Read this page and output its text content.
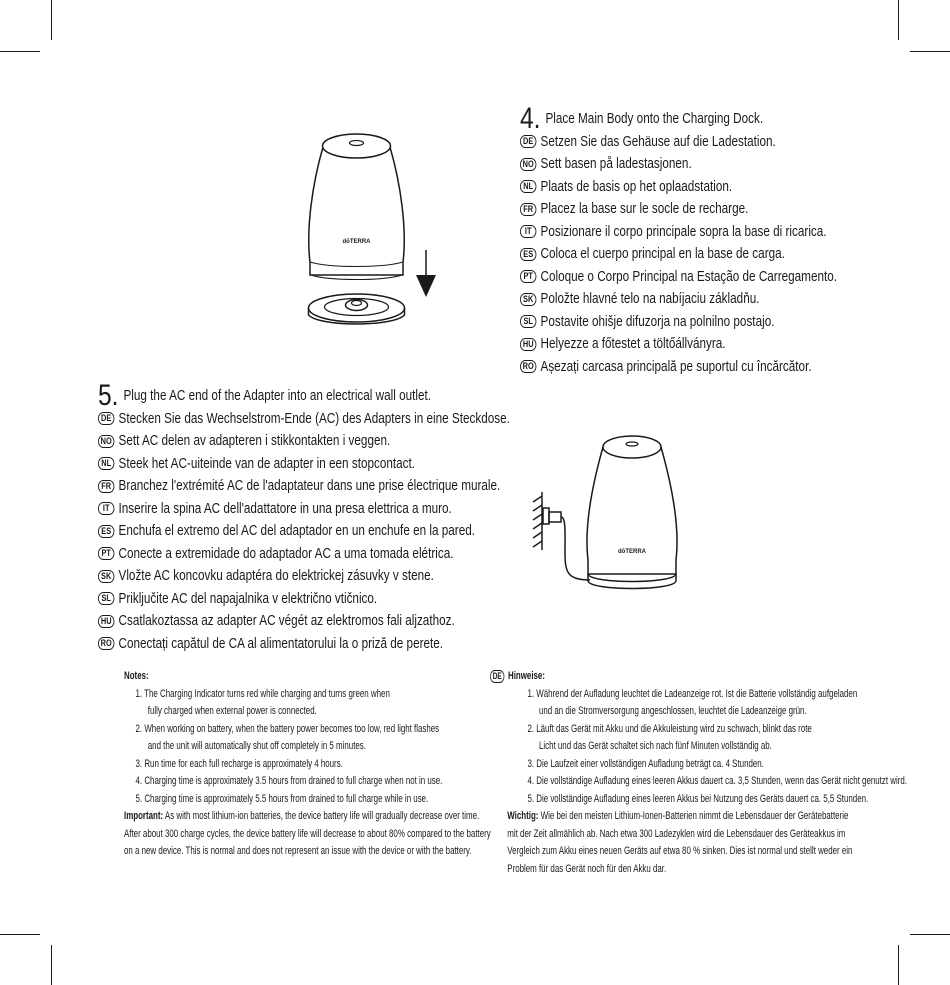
dōTERRA
dōTERRA
4. Place Main Body onto the Charging Dock.
DE Setzen Sie das Gehäuse auf die Ladestation.
NO Sett basen på ladestasjonen.
NL Plaats de basis op het oplaadstation.
FR Placez la base sur le socle de recharge.
IT Posizionare il corpo principale sopra la base di ricarica.
ES Coloca el cuerpo principal en la base de carga.
PT Coloque o Corpo Principal na Estação de Carregamento.
SK Položte hlavné telo na nabíjaciu základňu.
SL Postavite ohišje difuzorja na polnilno postajo.
HU Helyezze a főtestet a töltőállványra.
RO Așezați carcasa principală pe suportul cu încărcător.
5. Plug the AC end of the Adapter into an electrical wall outlet.
DE Stecken Sie das Wechselstrom-Ende (AC) des Adapters in eine Steckdose.
NO Sett AC delen av adapteren i stikkontakten i veggen.
NL Steek het AC-uiteinde van de adapter in een stopcontact.
FR Branchez l'extrémité AC de l'adaptateur dans une prise électrique murale.
IT Inserire la spina AC dell'adattatore in una presa elettrica a muro.
ES Enchufa el extremo del AC del adaptador en un enchufe en la pared.
PT Conecte a extremidade do adaptador AC a uma tomada elétrica.
SK Vložte AC koncovku adaptéra do elektrickej zásuvky v stene.
SL Priključite AC del napajalnika v električno vtičnico.
HU Csatlakoztassa az adapter AC végét az elektromos fali aljzathoz.
RO Conectați capătul de CA al alimentatorului la o priză de perete.
Notes:
1. The Charging Indicator turns red while charging and turns green when
fully charged when external power is connected.
2. When working on battery, when the battery power becomes too low, red light flashes
and the unit will automatically shut off completely in 5 minutes.
3. Run time for each full recharge is approximately 4 hours.
4. Charging time is approximately 3.5 hours from drained to full charge when not in use.
5. Charging time is approximately 5.5 hours from drained to full charge while in use.
Important: As with most lithium-ion batteries, the device battery life will gradually decrease over time.
After about 300 charge cycles, the device battery life will decrease to about 80% compared to the battery
on a new device. This is normal and does not represent an issue with the device or with the battery.
DE Hinweise:
1. Während der Aufladung leuchtet die Ladeanzeige rot. Ist die Batterie vollständig aufgeladen
und an die Stromversorgung angeschlossen, leuchtet die Ladeanzeige grün.
2. Läuft das Gerät mit Akku und die Akkuleistung wird zu schwach, blinkt das rote
Licht und das Gerät schaltet sich nach fünf Minuten vollständig ab.
3. Die Laufzeit einer vollständigen Aufladung beträgt ca. 4 Stunden.
4. Die vollständige Aufladung eines leeren Akkus dauert ca. 3,5 Stunden, wenn das Gerät nicht genutzt wird.
5. Die vollständige Aufladung eines leeren Akkus bei Nutzung des Geräts dauert ca. 5,5 Stunden.
Wichtig: Wie bei den meisten Lithium-Ionen-Batterien nimmt die Lebensdauer der Gerätebatterie
mit der Zeit allmählich ab. Nach etwa 300 Ladezyklen wird die Lebensdauer des Geräteakkus im
Vergleich zum Akku eines neuen Geräts auf etwa 80 % sinken. Dies ist normal und stellt weder ein
Problem für das Gerät noch für den Akku dar.
